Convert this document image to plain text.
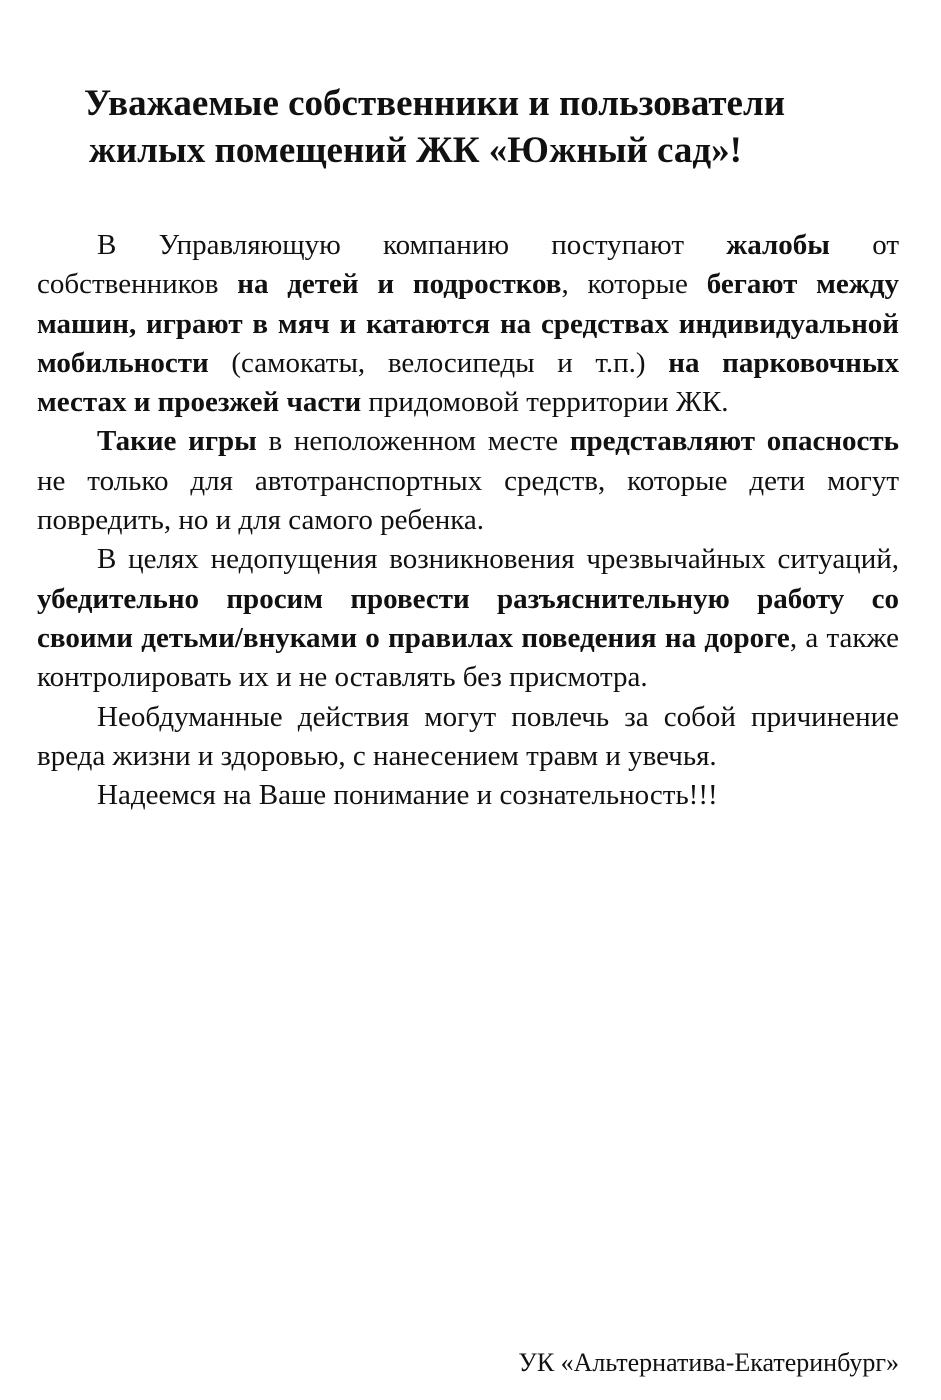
Уважаемые собственники и пользователи
жилых помещений ЖК «Южный сад»!

В Управляющую компанию поступают жалобы от собственников на детей и подростков, которые бегают между машин, играют в мяч и катаются на средствах индивидуальной мобильности (самокаты, велосипеды и т.п.) на парковочных местах и проезжей части придомовой территории ЖК.

Такие игры в неположенном месте представляют опасность не только для автотранспортных средств, которые дети могут повредить, но и для самого ребенка.

В целях недопущения возникновения чрезвычайных ситуаций, убедительно просим провести разъяснительную работу со своими детьми/внуками о правилах поведения на дороге, а также контролировать их и не оставлять без присмотра.

Необдуманные действия могут повлечь за собой причинение вреда жизни и здоровью, с нанесением травм и увечья.

Надеемся на Ваше понимание и сознательность!!!

УК «Альтернатива-Екатеринбург»
